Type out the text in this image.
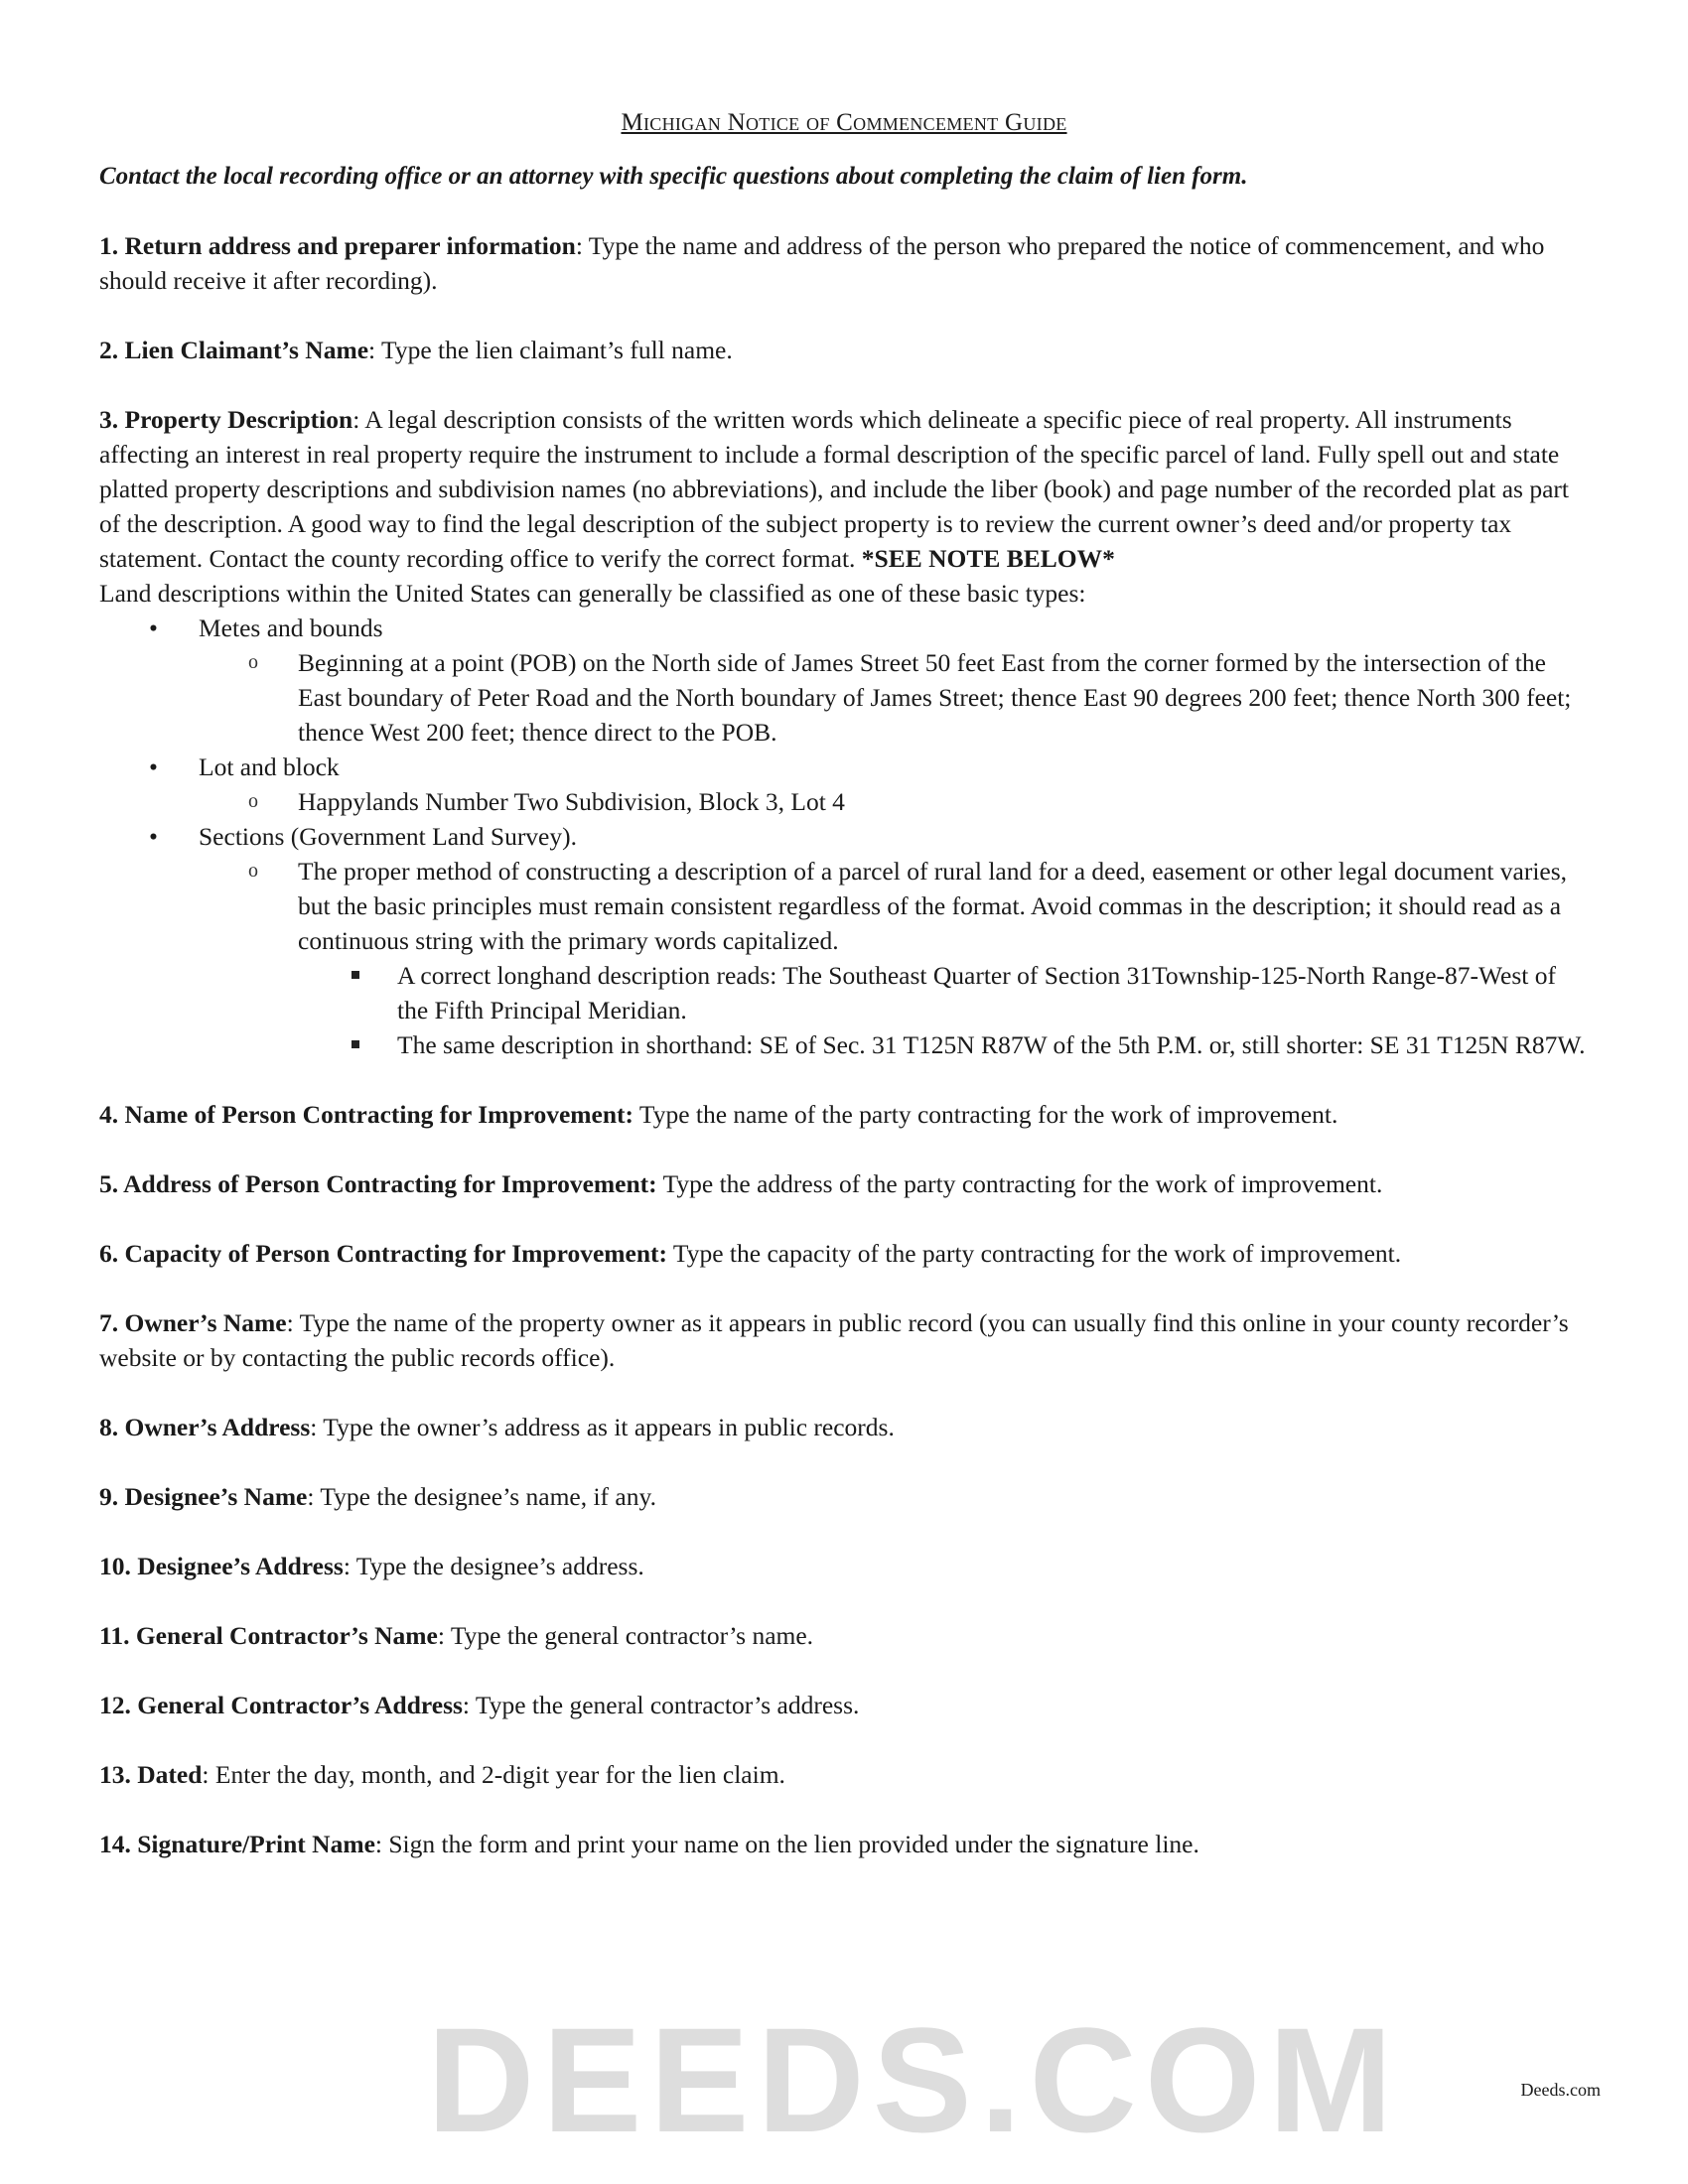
Michigan Notice of Commencement Guide
Contact the local recording office or an attorney with specific questions about completing the claim of lien form.

1. Return address and preparer information: Type the name and address of the person who prepared the notice of commencement, and who should receive it after recording).

2. Lien Claimant’s Name: Type the lien claimant’s full name.

3. Property Description: A legal description consists of the written words which delineate a specific piece of real property. All instruments affecting an interest in real property require the instrument to include a formal description of the specific parcel of land. Fully spell out and state platted property descriptions and subdivision names (no abbreviations), and include the liber (book) and page number of the recorded plat as part of the description. A good way to find the legal description of the subject property is to review the current owner’s deed and/or property tax statement. Contact the county recording office to verify the correct format. *SEE NOTE BELOW*

Land descriptions within the United States can generally be classified as one of these basic types:
• Metes and bounds
o Beginning at a point (POB) on the North side of James Street 50 feet East from the corner formed by the intersection of the East boundary of Peter Road and the North boundary of James Street; thence East 90 degrees 200 feet; thence North 300 feet; thence West 200 feet; thence direct to the POB.
• Lot and block
o Happylands Number Two Subdivision, Block 3, Lot 4
• Sections (Government Land Survey).
o The proper method of constructing a description of a parcel of rural land for a deed, easement or other legal document varies, but the basic principles must remain consistent regardless of the format. Avoid commas in the description; it should read as a continuous string with the primary words capitalized.
A correct longhand description reads: The Southeast Quarter of Section 31Township-125-North Range-87-West of the Fifth Principal Meridian.
The same description in shorthand: SE of Sec. 31 T125N R87W of the 5th P.M. or, still shorter: SE 31 T125N R87W.

4. Name of Person Contracting for Improvement: Type the name of the party contracting for the work of improvement.

5. Address of Person Contracting for Improvement: Type the address of the party contracting for the work of improvement.

6. Capacity of Person Contracting for Improvement: Type the capacity of the party contracting for the work of improvement.

7. Owner’s Name: Type the name of the property owner as it appears in public record (you can usually find this online in your county recorder’s website or by contacting the public records office).

8. Owner’s Address: Type the owner’s address as it appears in public records.

9. Designee’s Name: Type the designee’s name, if any.

10. Designee’s Address: Type the designee’s address.

11. General Contractor’s Name: Type the general contractor’s name.

12. General Contractor’s Address: Type the general contractor’s address.

13. Dated: Enter the day, month, and 2-digit year for the lien claim.

14. Signature/Print Name: Sign the form and print your name on the lien provided under the signature line.

DEEDS.COM	Deeds.com
